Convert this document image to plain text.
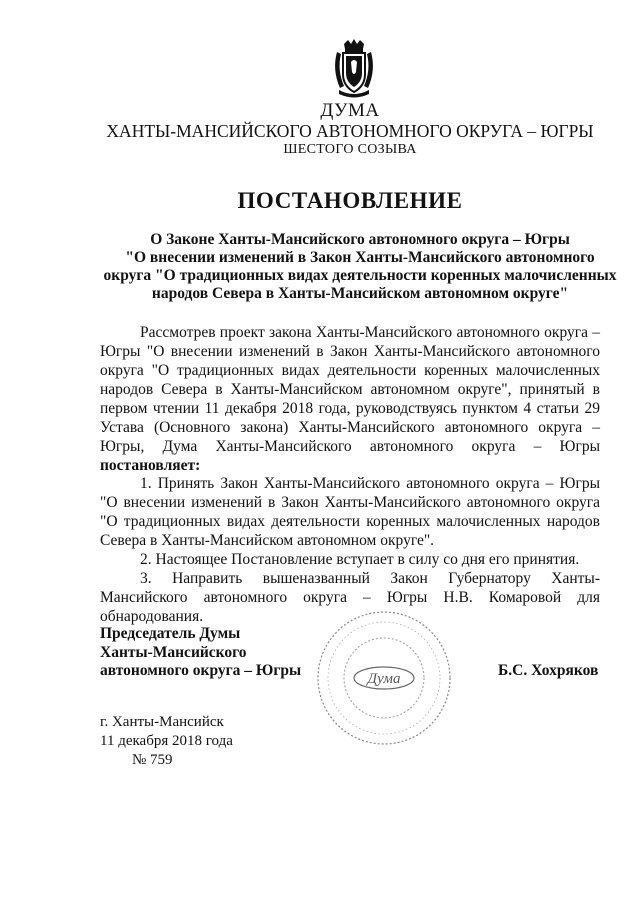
ДУМА
ХАНТЫ-МАНСИЙСКОГО АВТОНОМНОГО ОКРУГА – ЮГРЫ
ШЕСТОГО СОЗЫВА
ПОСТАНОВЛЕНИЕ
О Законе Ханты-Мансийского автономного округа – Югры
"О внесении изменений в Закон Ханты-Мансийского автономного
округа "О традиционных видах деятельности коренных малочисленных
народов Севера в Ханты-Мансийском автономном округе"
Рассмотрев проект закона Ханты-Мансийского автономного округа – Югры "О внесении изменений в Закон Ханты-Мансийского автономного округа "О традиционных видах деятельности коренных малочисленных народов Севера в Ханты-Мансийском автономном округе", принятый в первом чтении 11 декабря 2018 года, руководствуясь пунктом 4 статьи 29 Устава (Основного закона) Ханты-Мансийского автономного округа – Югры, Дума Ханты-Мансийского автономного округа – Югры постановляет:

1. Принять Закон Ханты-Мансийского автономного округа – Югры "О внесении изменений в Закон Ханты-Мансийского автономного округа "О традиционных видах деятельности коренных малочисленных народов Севера в Ханты-Мансийском автономном округе".

2. Настоящее Постановление вступает в силу со дня его принятия.

3. Направить вышеназванный Закон Губернатору Ханты-Мансийского автономного округа – Югры Н.В. Комаровой для обнародования.

Председатель Думы
Ханты-Мансийского
автономного округа – Югры	Дума	Б.С. Хохряков
г. Ханты-Мансийск
11 декабря 2018 года
№ 759
